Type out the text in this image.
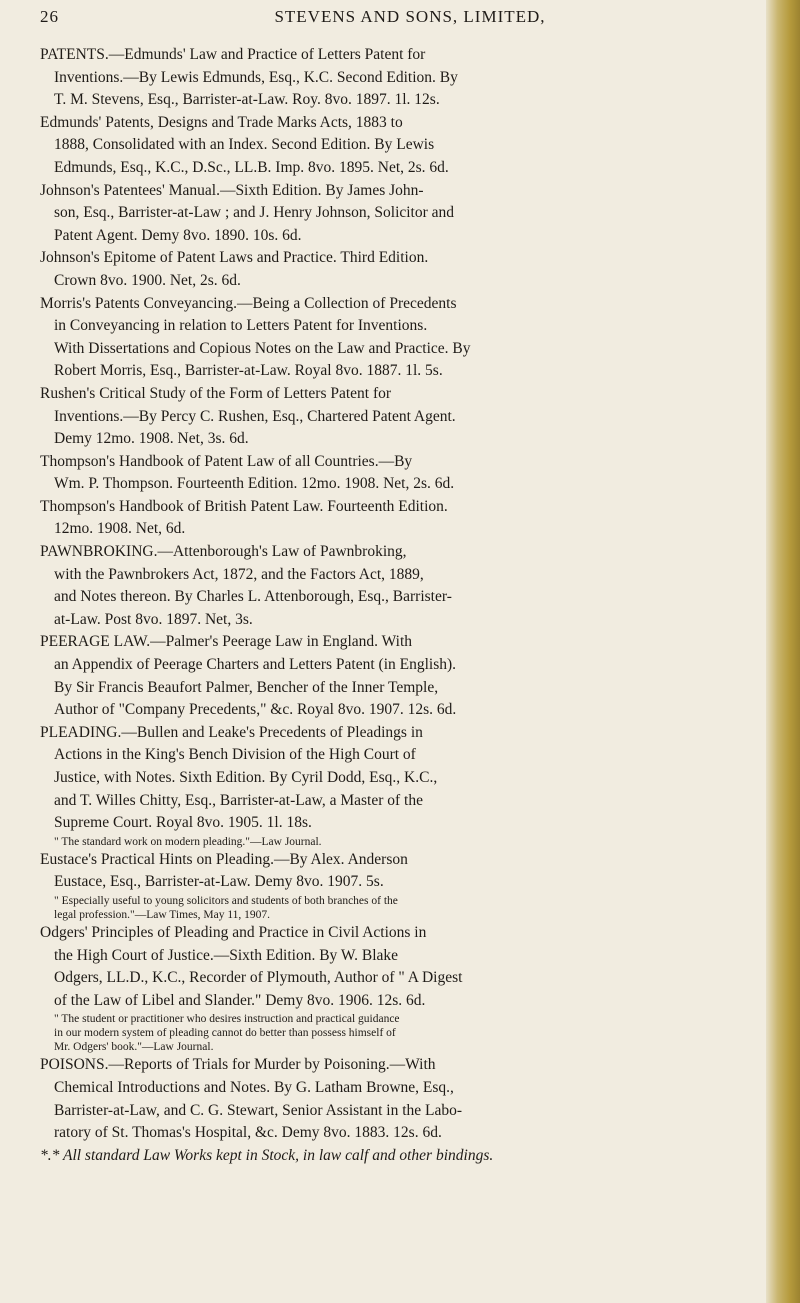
26	STEVENS AND SONS, LIMITED,
PATENTS.—Edmunds' Law and Practice of Letters Patent for
Inventions.—By Lewis Edmunds, Esq., K.C. Second Edition. By
T. M. Stevens, Esq., Barrister-at-Law. Roy. 8vo. 1897. 1l. 12s.
Edmunds' Patents, Designs and Trade Marks Acts, 1883 to
1888, Consolidated with an Index. Second Edition. By Lewis
Edmunds, Esq., K.C., D.Sc., LL.B. Imp. 8vo. 1895. Net, 2s. 6d.
Johnson's Patentees' Manual.—Sixth Edition. By James John-
son, Esq., Barrister-at-Law ; and J. Henry Johnson, Solicitor and
Patent Agent. Demy 8vo. 1890. 10s. 6d.
Johnson's Epitome of Patent Laws and Practice. Third Edition.
Crown 8vo. 1900. Net, 2s. 6d.
Morris's Patents Conveyancing.—Being a Collection of Precedents
in Conveyancing in relation to Letters Patent for Inventions.
With Dissertations and Copious Notes on the Law and Practice. By
Robert Morris, Esq., Barrister-at-Law. Royal 8vo. 1887. 1l. 5s.
Rushen's Critical Study of the Form of Letters Patent for
Inventions.—By Percy C. Rushen, Esq., Chartered Patent Agent.
Demy 12mo. 1908. Net, 3s. 6d.
Thompson's Handbook of Patent Law of all Countries.—By
Wm. P. Thompson. Fourteenth Edition. 12mo. 1908. Net, 2s. 6d.
Thompson's Handbook of British Patent Law. Fourteenth Edition.
12mo. 1908. Net, 6d.
PAWNBROKING.—Attenborough's Law of Pawnbroking,
with the Pawnbrokers Act, 1872, and the Factors Act, 1889,
and Notes thereon. By Charles L. Attenborough, Esq., Barrister-
at-Law. Post 8vo. 1897. Net, 3s.
PEERAGE LAW.—Palmer's Peerage Law in England. With
an Appendix of Peerage Charters and Letters Patent (in English).
By Sir Francis Beaufort Palmer, Bencher of the Inner Temple,
Author of "Company Precedents," &c. Royal 8vo. 1907. 12s. 6d.
PLEADING.—Bullen and Leake's Precedents of Pleadings in
Actions in the King's Bench Division of the High Court of
Justice, with Notes. Sixth Edition. By Cyril Dodd, Esq., K.C.,
and T. Willes Chitty, Esq., Barrister-at-Law, a Master of the
Supreme Court. Royal 8vo. 1905. 1l. 18s.
" The standard work on modern pleading."—Law Journal.
Eustace's Practical Hints on Pleading.—By Alex. Anderson
Eustace, Esq., Barrister-at-Law. Demy 8vo. 1907. 5s.
" Especially useful to young solicitors and students of both branches of the
legal profession."—Law Times, May 11, 1907.
Odgers' Principles of Pleading and Practice in Civil Actions in
the High Court of Justice.—Sixth Edition. By W. Blake
Odgers, LL.D., K.C., Recorder of Plymouth, Author of " A Digest
of the Law of Libel and Slander." Demy 8vo. 1906. 12s. 6d.
" The student or practitioner who desires instruction and practical guidance
in our modern system of pleading cannot do better than possess himself of
Mr. Odgers' book."—Law Journal.
POISONS.—Reports of Trials for Murder by Poisoning.—With
Chemical Introductions and Notes. By G. Latham Browne, Esq.,
Barrister-at-Law, and C. G. Stewart, Senior Assistant in the Labo-
ratory of St. Thomas's Hospital, &c. Demy 8vo. 1883. 12s. 6d.
*.* All standard Law Works kept in Stock, in law calf and other bindings.
